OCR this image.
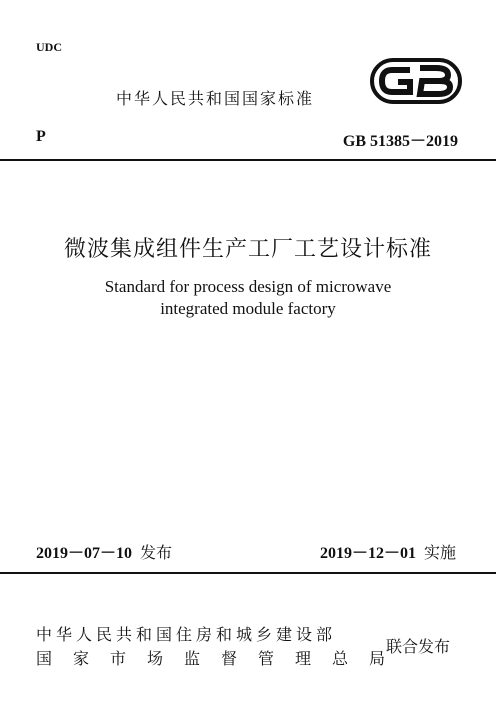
UDC
中华人民共和国国家标准
P	GB 51385－2019
微波集成组件生产工厂工艺设计标准
Standard for process design of microwave
integrated module factory
2019－07－10 发布	2019－12－01 实施
中华人民共和国住房和城乡建设部
国家市场监督管理总局
联合发布
